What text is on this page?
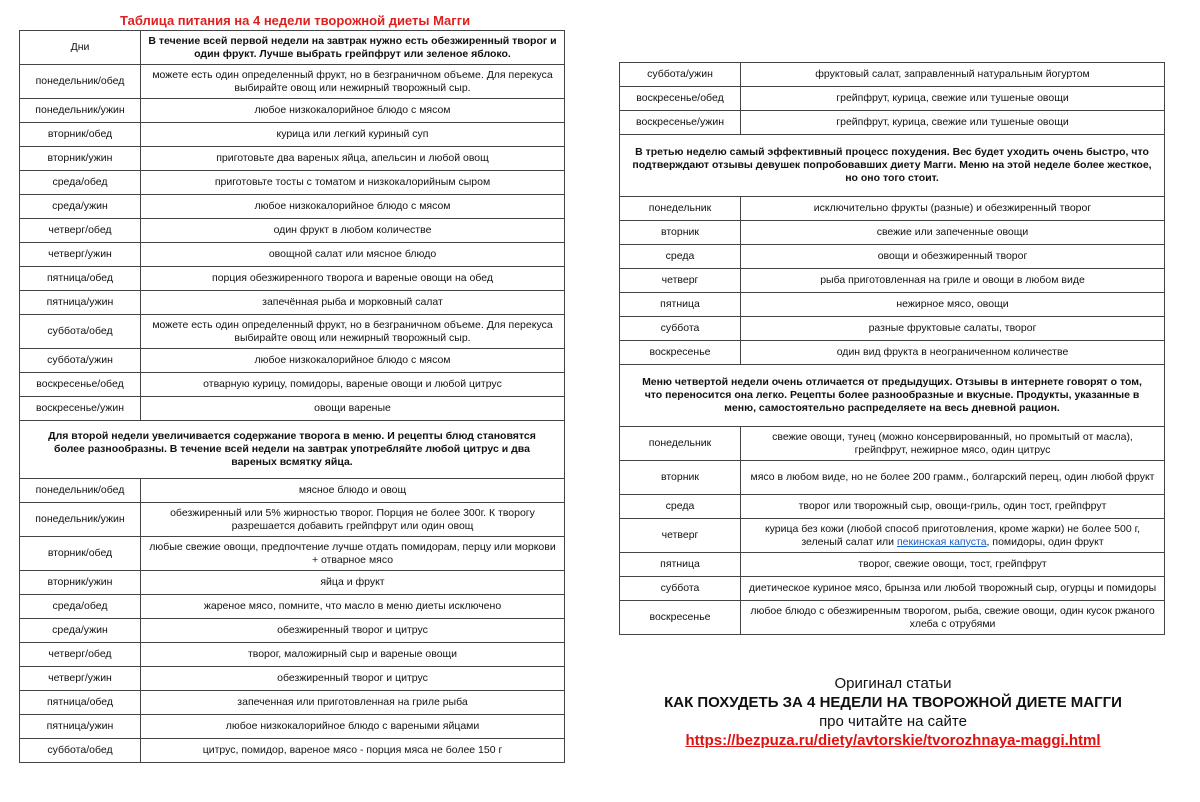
Таблица питания на 4 недели творожной диеты Магги
Дни	В течение всей первой недели на завтрак нужно есть обезжиренный творог и один фрукт. Лучше выбрать грейпфрут или зеленое яблоко.
понедельник/обед	можете есть один определенный фрукт, но в безграничном объеме. Для перекуса выбирайте овощ или нежирный творожный сыр.
понедельник/ужин	любое низкокалорийное блюдо с мясом
вторник/обед	курица или легкий куриный суп
вторник/ужин	приготовьте два вареных яйца, апельсин и любой овощ
среда/обед	приготовьте тосты с томатом и низкокалорийным сыром
среда/ужин	любое низкокалорийное блюдо с мясом
четверг/обед	один фрукт в любом количестве
четверг/ужин	овощной салат или мясное блюдо
пятница/обед	порция обезжиренного творога и вареные овощи на обед
пятница/ужин	запечённая рыба и морковный салат
суббота/обед	можете есть один определенный фрукт, но в безграничном объеме. Для перекуса выбирайте овощ или нежирный творожный сыр.
суббота/ужин	любое низкокалорийное блюдо с мясом
воскресенье/обед	отварную курицу, помидоры, вареные овощи и любой цитрус
воскресенье/ужин	овощи вареные
Для второй недели увеличивается содержание творога в меню. И рецепты блюд становятся более разнообразны. В течение всей недели на завтрак употребляйте любой цитрус и два вареных всмятку яйца.	
понедельник/обед	мясное блюдо и овощ
понедельник/ужин	обезжиренный или 5% жирностью творог. Порция не более 300г. К творогу разрешается добавить грейпфрут или один овощ
вторник/обед	любые свежие овощи, предпочтение лучше отдать помидорам, перцу или моркови + отварное мясо
вторник/ужин	яйца и фрукт
среда/обед	жареное мясо, помните, что масло в меню диеты исключено
среда/ужин	обезжиренный творог и цитрус
четверг/обед	творог, маложирный сыр и вареные овощи
четверг/ужин	обезжиренный творог и цитрус
пятница/обед	запеченная или приготовленная на гриле рыба
пятница/ужин	любое низкокалорийное блюдо с вареными яйцами
суббота/обед	цитрус, помидор, вареное мясо - порция мяса не более 150 г
суббота/ужин	фруктовый салат, заправленный натуральным йогуртом
воскресенье/обед	грейпфрут, курица, свежие или тушеные овощи
воскресенье/ужин	грейпфрут, курица, свежие или тушеные овощи
В третью неделю самый эффективный процесс похудения. Вес будет уходить очень быстро, что подтверждают отзывы девушек попробовавших диету Магги. Меню на этой неделе более жесткое, но оно того стоит.	
понедельник	исключительно фрукты (разные) и обезжиренный творог
вторник	свежие или запеченные овощи
среда	овощи и обезжиренный творог
четверг	рыба приготовленная на гриле и овощи в любом виде
пятница	нежирное мясо, овощи
суббота	разные фруктовые салаты, творог
воскресенье	один вид фрукта в неограниченном количестве
Меню четвертой недели очень отличается от предыдущих. Отзывы в интернете говорят о том, что переносится она легко. Рецепты более разнообразные и вкусные. Продукты, указанные в меню, самостоятельно распределяете на весь дневной рацион.	
понедельник	свежие овощи, тунец (можно консервированный, но промытый от масла), грейпфрут, нежирное мясо, один цитрус
вторник	мясо в любом виде, но не более 200 грамм., болгарский перец, один любой фрукт
среда	творог или творожный сыр, овощи-гриль, один тост, грейпфрут
четверг	курица без кожи (любой способ приготовления, кроме жарки) не более 500 г, зеленый салат или пекинская капуста, помидоры, один фрукт
пятница	творог, свежие овощи, тост, грейпфрут
суббота	диетическое куриное мясо, брынза или любой творожный сыр, огурцы и помидоры
воскресенье	любое блюдо с обезжиренным творогом, рыба, свежие овощи, один кусок ржаного хлеба с отрубями
Оригинал статьи
КАК ПОХУДЕТЬ ЗА 4 НЕДЕЛИ НА ТВОРОЖНОЙ ДИЕТЕ МАГГИ
про читайте на сайте
https://bezpuza.ru/diety/avtorskie/tvorozhnaya-maggi.html
